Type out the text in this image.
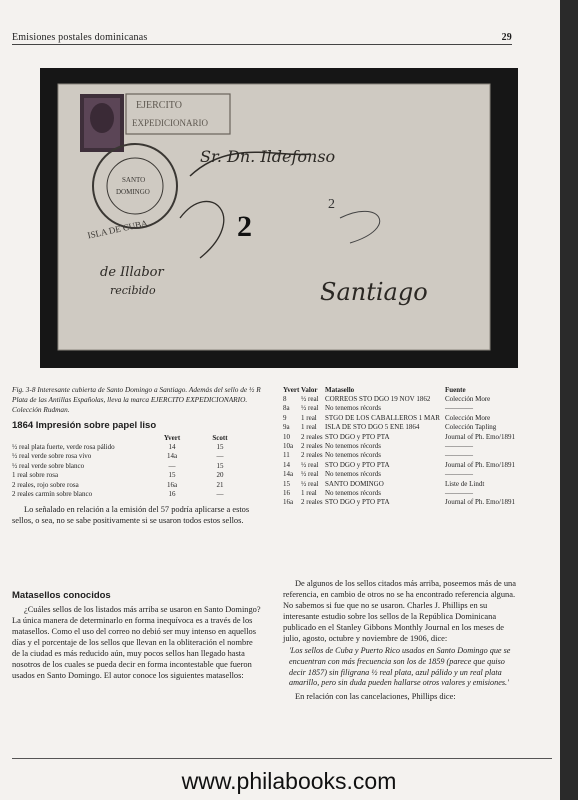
Emisiones postales dominicanas	29
EJERCITO
EXPEDICIONARIO
SANTO
DOMINGO
ISLA DE CUBA
Sr. Dn. Ildefonso
Santiago
2
2
de Illabor
recibido
Fig. 3-8 Interesante cubierta de Santo Domingo a Santiago. Además del sello de ½ R Plata de las Antillas Españolas, lleva la marca EJERCITO EXPEDICIONARIO. Colección Rudman.
1864 Impresión sobre papel liso
	Yvert	Scott
½ real plata fuerte, verde rosa pálido	14	15
½ real verde sobre rosa vivo	14a	—
½ real verde sobre blanco	—	15
1 real sobre rosa	15	20
2 reales, rojo sobre rosa	16a	21
2 reales carmín sobre blanco	16	—
Lo señalado en relación a la emisión del 57 podría aplicarse a estos sellos, o sea, no se sabe positivamente si se usaron todos estos sellos.
Matasellos conocidos
¿Cuáles sellos de los listados más arriba se usaron en Santo Domingo? La única manera de determinarlo en forma inequívoca es a través de los matasellos. Como el uso del correo no debió ser muy intenso en aquellos días y el porcentaje de los sellos que llevan en la obliteración el nombre de la ciudad es más reducido aún, muy pocos sellos han llegado hasta nosotros de los cuales se pueda decir en forma incontestable que fueron usados en Santo Domingo. El autor conoce los siguientes matasellos:
Yvert	Valor	Matasello	Fuente
8	½ real	CORREOS STO DGO 19 NOV 1862	Colección More
8a	½ real	No tenemos récords	————
9	1 real	STGO DE LOS CABALLEROS 1 MAR	Colección More
9a	1 real	ISLA DE STO DGO 5 ENE 1864	Colección Tapling
10	2 reales	STO DGO y PTO PTA	Journal of Ph. Emo/1891
10a	2 reales	No tenemos récords	————
11	2 reales	No tenemos récords	————
14	½ real	STO DGO y PTO PTA	Journal of Ph. Emo/1891
14a	½ real	No tenemos récords	————
15	½ real	SANTO DOMINGO	Liste de Lindt
16	1 real	No tenemos récords	————
16a	2 reales	STO DGO y PTO PTA	Journal of Ph. Emo/1891
De algunos de los sellos citados más arriba, poseemos más de una referencia, en cambio de otros no se ha encontrado referencia alguna. No sabemos si fue que no se usaron. Charles J. Phillips en su interesante estudio sobre los sellos de la República Dominicana publicado en el Stanley Gibbons Monthly Journal en los meses de julio, agosto, octubre y noviembre de 1906, dice:
'Los sellos de Cuba y Puerto Rico usados en Santo Domingo que se encuentran con más frecuencia son los de 1859 (parece que quiso decir 1857) sin filigrana ½ real plata, azul pálido y un real plata amarillo, pero sin duda pueden hallarse otros valores y emisiones.'
En relación con las cancelaciones, Phillips dice:
www.philabooks.com
